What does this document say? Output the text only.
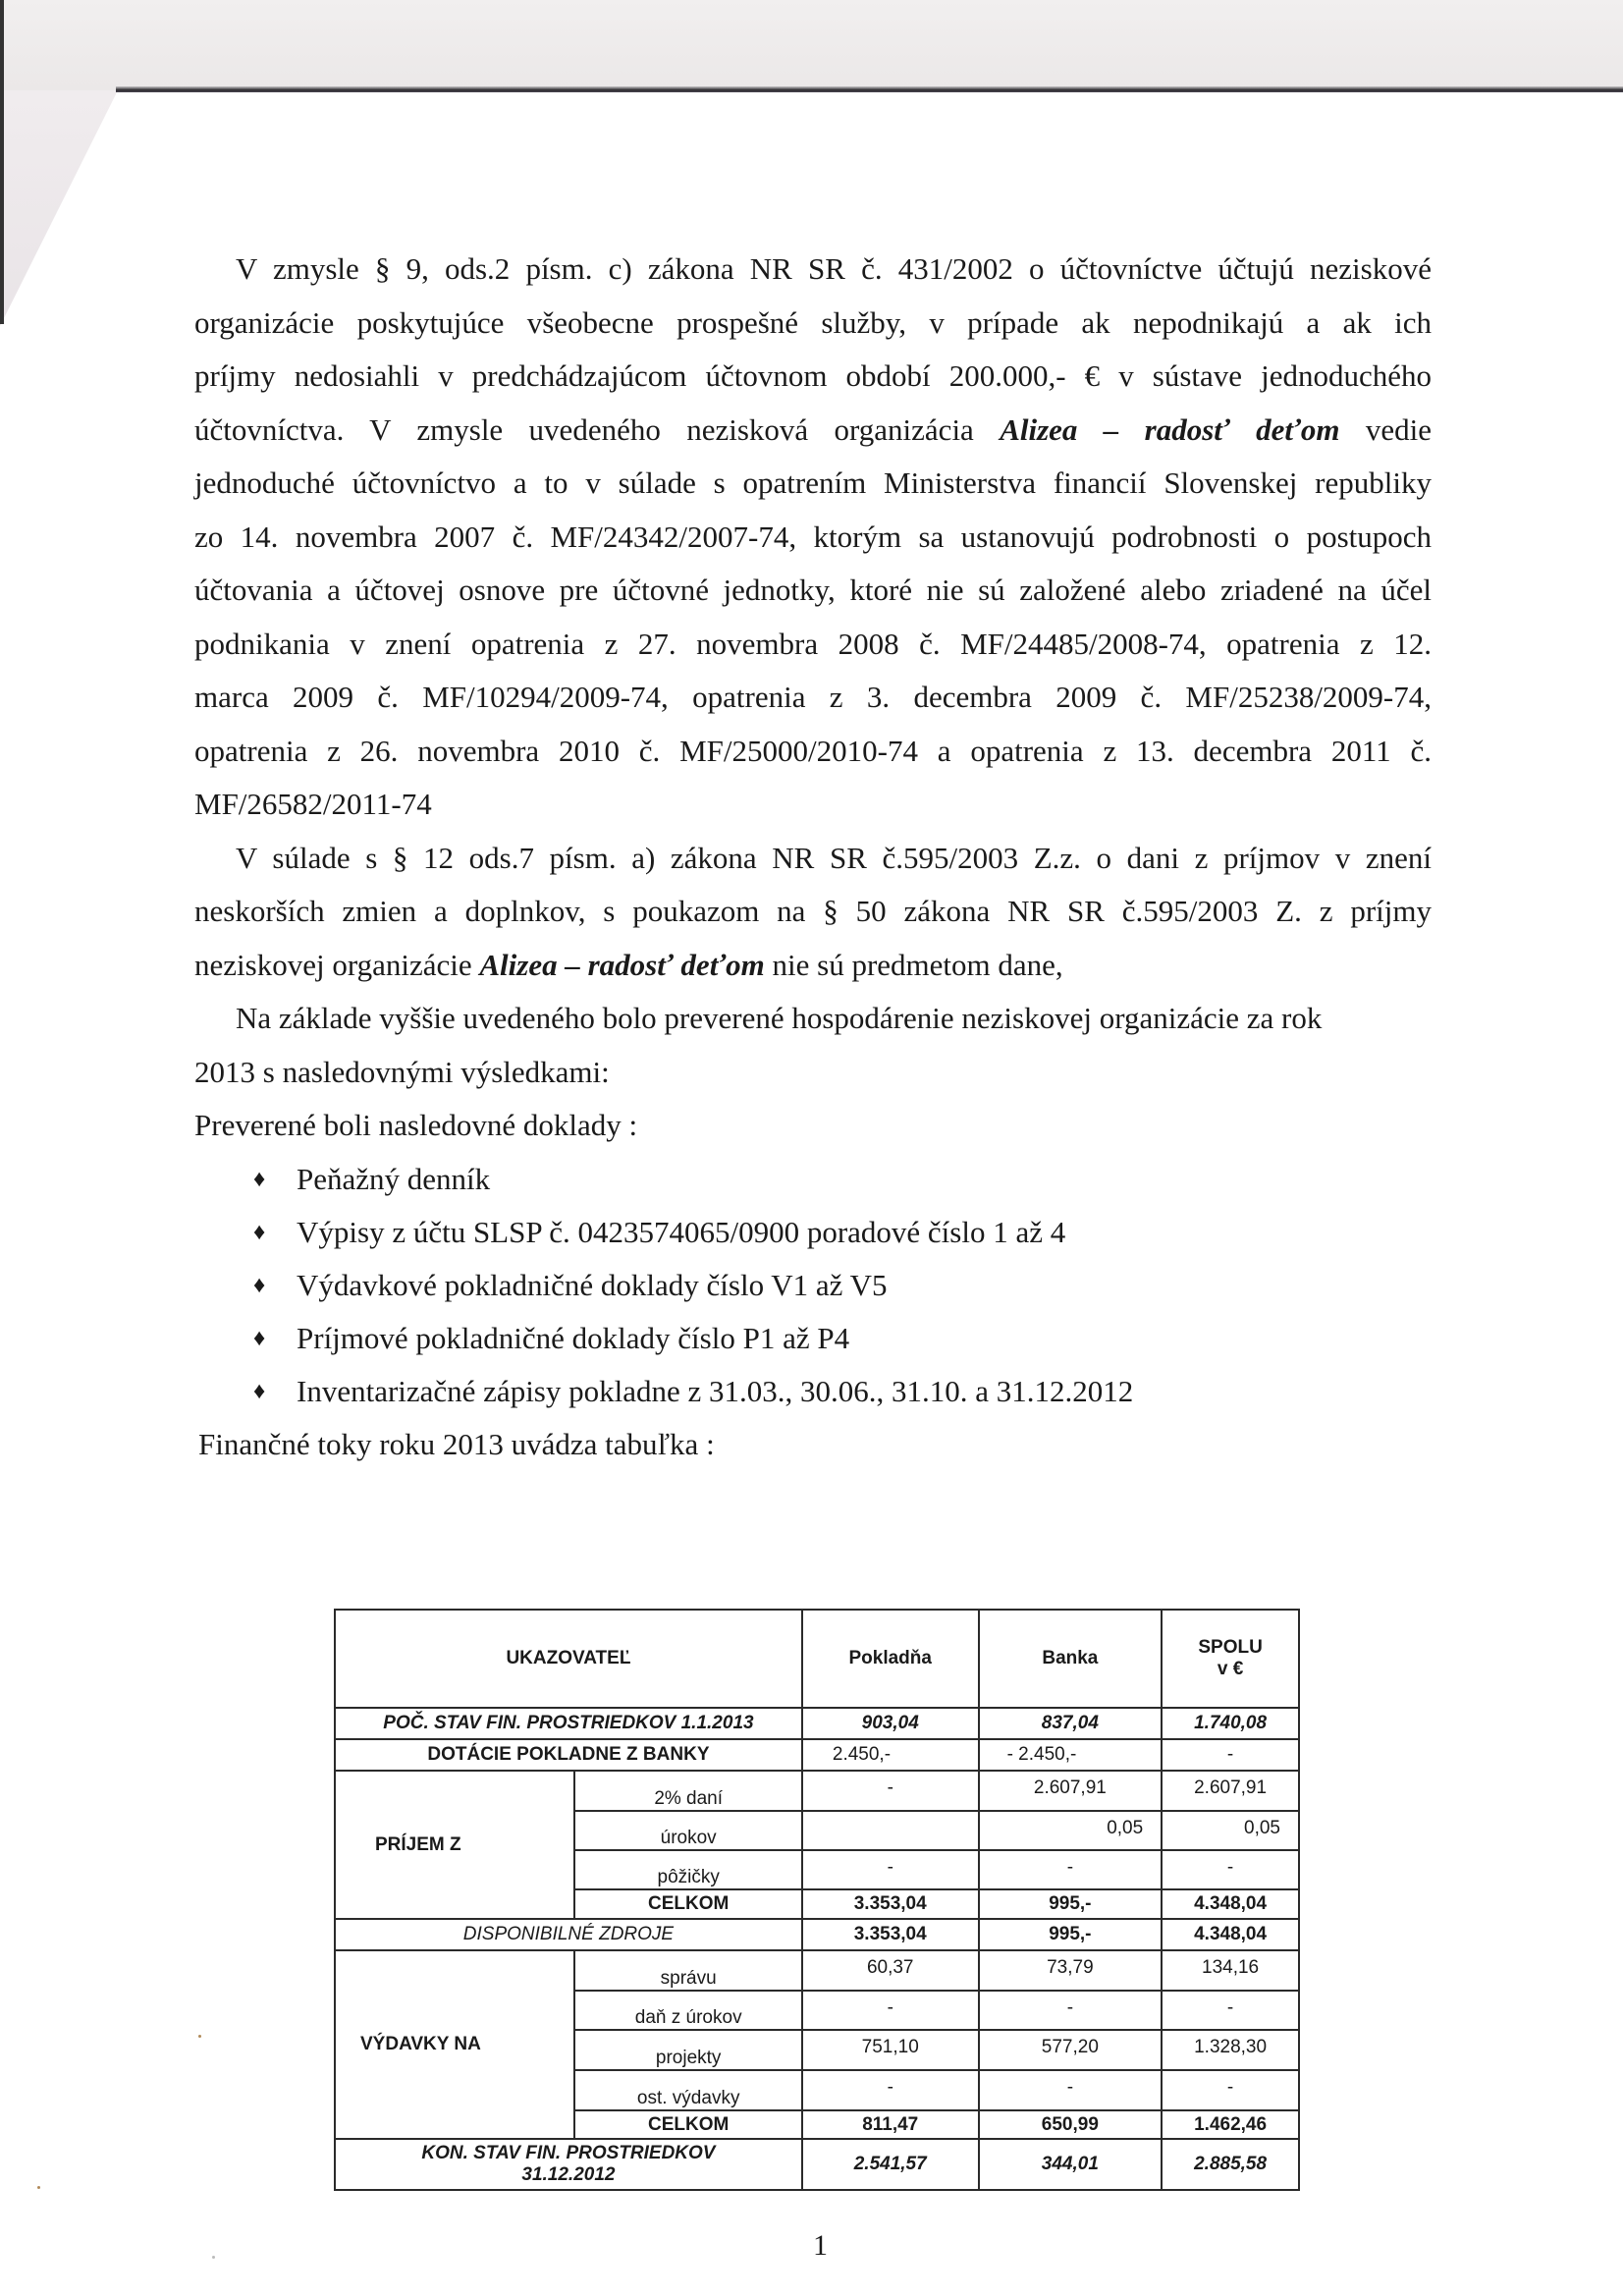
V zmysle § 9, ods.2 písm. c) zákona NR SR č. 431/2002 o účtovníctve účtujú neziskové

organizácie poskytujúce všeobecne prospešné služby, v prípade ak nepodnikajú a ak ich

príjmy nedosiahli v predchádzajúcom účtovnom období 200.000,- € v sústave jednoduchého

účtovníctva. V zmysle uvedeného nezisková organizácia Alizea – radosť deťom vedie

jednoduché účtovníctvo a to v súlade s opatrením Ministerstva financií Slovenskej republiky

zo 14. novembra 2007 č. MF/24342/2007-74, ktorým sa ustanovujú podrobnosti o postupoch

účtovania a účtovej osnove pre účtovné jednotky, ktoré nie sú založené alebo zriadené na účel

podnikania v znení opatrenia z 27. novembra 2008 č. MF/24485/2008-74, opatrenia z 12.

marca 2009 č. MF/10294/2009-74, opatrenia z 3. decembra 2009 č. MF/25238/2009-74,

opatrenia z 26. novembra 2010 č. MF/25000/2010-74 a opatrenia z 13. decembra 2011 č.

MF/26582/2011-74

V súlade s § 12 ods.7 písm. a) zákona NR SR č.595/2003 Z.z. o dani z príjmov v znení

neskorších zmien a doplnkov, s poukazom na § 50 zákona NR SR č.595/2003 Z. z príjmy

neziskovej organizácie Alizea – radosť deťom nie sú predmetom dane,

Na základe vyššie uvedeného bolo preverené hospodárenie neziskovej organizácie za rok

2013 s nasledovnými výsledkami:

Preverené boli nasledovné doklady :

♦ Peňažný denník
♦ Výpisy z účtu SLSP č. 0423574065/0900 poradové číslo 1 až 4
♦ Výdavkové pokladničné doklady číslo V1 až V5
♦ Príjmové pokladničné doklady číslo P1 až P4
♦ Inventarizačné zápisy pokladne z 31.03., 30.06., 31.10. a 31.12.2012

Finančné toky roku 2013 uvádza tabuľka :

UKAZOVATEĽ		Pokladňa	Banka	SPOLU
v €

POČ. STAV FIN. PROSTRIEDKOV 1.1.2013		903,04	837,04	1.740,08
DOTÁCIE POKLADNE Z BANKY		2.450,-	- 2.450,-	-
PRÍJEM Z	2% daní	-	2.607,91	2.607,91
	úrokov		0,05	0,05
	pôžičky	-	-	-
	CELKOM	3.353,04	995,-	4.348,04
DISPONIBILNÉ ZDROJE		3.353,04	995,-	4.348,04
VÝDAVKY NA	správu	60,37	73,79	134,16
	daň z úrokov	-	-	-
	projekty	751,10	577,20	1.328,30
	ost. výdavky	-	-	-
	CELKOM	811,47	650,99	1.462,46

KON. STAV FIN. PROSTRIEDKOV
31.12.2012		2.541,57	344,01	2.885,58
1
